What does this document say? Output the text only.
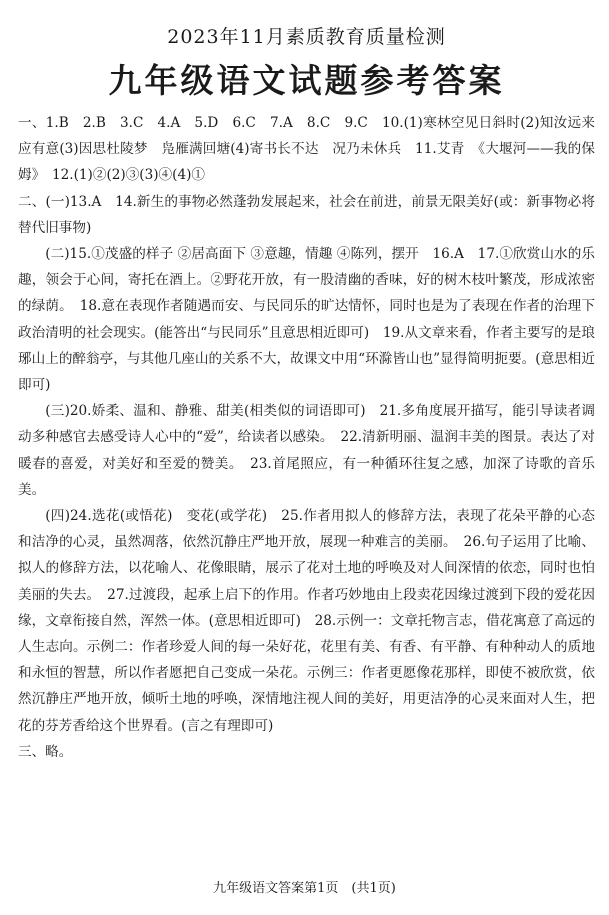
2023年11月素质教育质量检测
九年级语文试题参考答案

一、1.B　2.B　3.C　4.A　5.D　6.C　7.A　8.C　9.C　10.(1)寒林空见日斜时(2)知汝远来应有意(3)因思杜陵梦　凫雁满回塘(4)寄书长不达　况乃未休兵　11.艾青　《大堰河——我的保姆》　12.(1)②(2)③(3)④(4)①

二、(一)13.A　14.新生的事物必然蓬勃发展起来，社会在前进，前景无限美好(或：新事物必将替代旧事物)

(二)15.①茂盛的样子 ②居高面下 ③意趣，情趣 ④陈列，摆开　16.A　17.①欣赏山水的乐趣，领会于心间，寄托在酒上。②野花开放，有一股清幽的香味，好的树木枝叶繁茂，形成浓密的绿荫。　18.意在表现作者随遇而安、与民同乐的旷达情怀，同时也是为了表现在作者的治理下政治清明的社会现实。(能答出“与民同乐”且意思相近即可)　19.从文章来看，作者主要写的是琅琊山上的醉翁亭，与其他几座山的关系不大，故课文中用“环滁皆山也”显得简明扼要。(意思相近即可)

(三)20.娇柔、温和、静雅、甜美(相类似的词语即可)　21.多角度展开描写，能引导读者调动多种感官去感受诗人心中的“爱”，给读者以感染。　22.清新明丽、温润丰美的图景。表达了对暖春的喜爱，对美好和至爱的赞美。　23.首尾照应，有一种循环往复之感，加深了诗歌的音乐美。

(四)24.选花(或悟花)　变花(或学花)　25.作者用拟人的修辞方法，表现了花朵平静的心态和洁净的心灵，虽然凋落，依然沉静庄严地开放，展现一种难言的美丽。　26.句子运用了比喻、拟人的修辞方法，以花喻人、花像眼睛，展示了花对土地的呼唤及对人间深情的依恋，同时也怕美丽的失去。　27.过渡段，起承上启下的作用。作者巧妙地由上段卖花因缘过渡到下段的爱花因缘，文章衔接自然，浑然一体。(意思相近即可)　28.示例一：文章托物言志，借花寓意了高远的人生志向。示例二：作者珍爱人间的每一朵好花，花里有美、有香、有平静、有种种动人的质地和永恒的智慧，所以作者愿把自己变成一朵花。示例三：作者更愿像花那样，即使不被欣赏，依然沉静庄严地开放，倾听土地的呼唤，深情地注视人间的美好，用更洁净的心灵来面对人生，把花的芬芳香给这个世界看。(言之有理即可)

三、略。

九年级语文答案第1页　(共1页)
